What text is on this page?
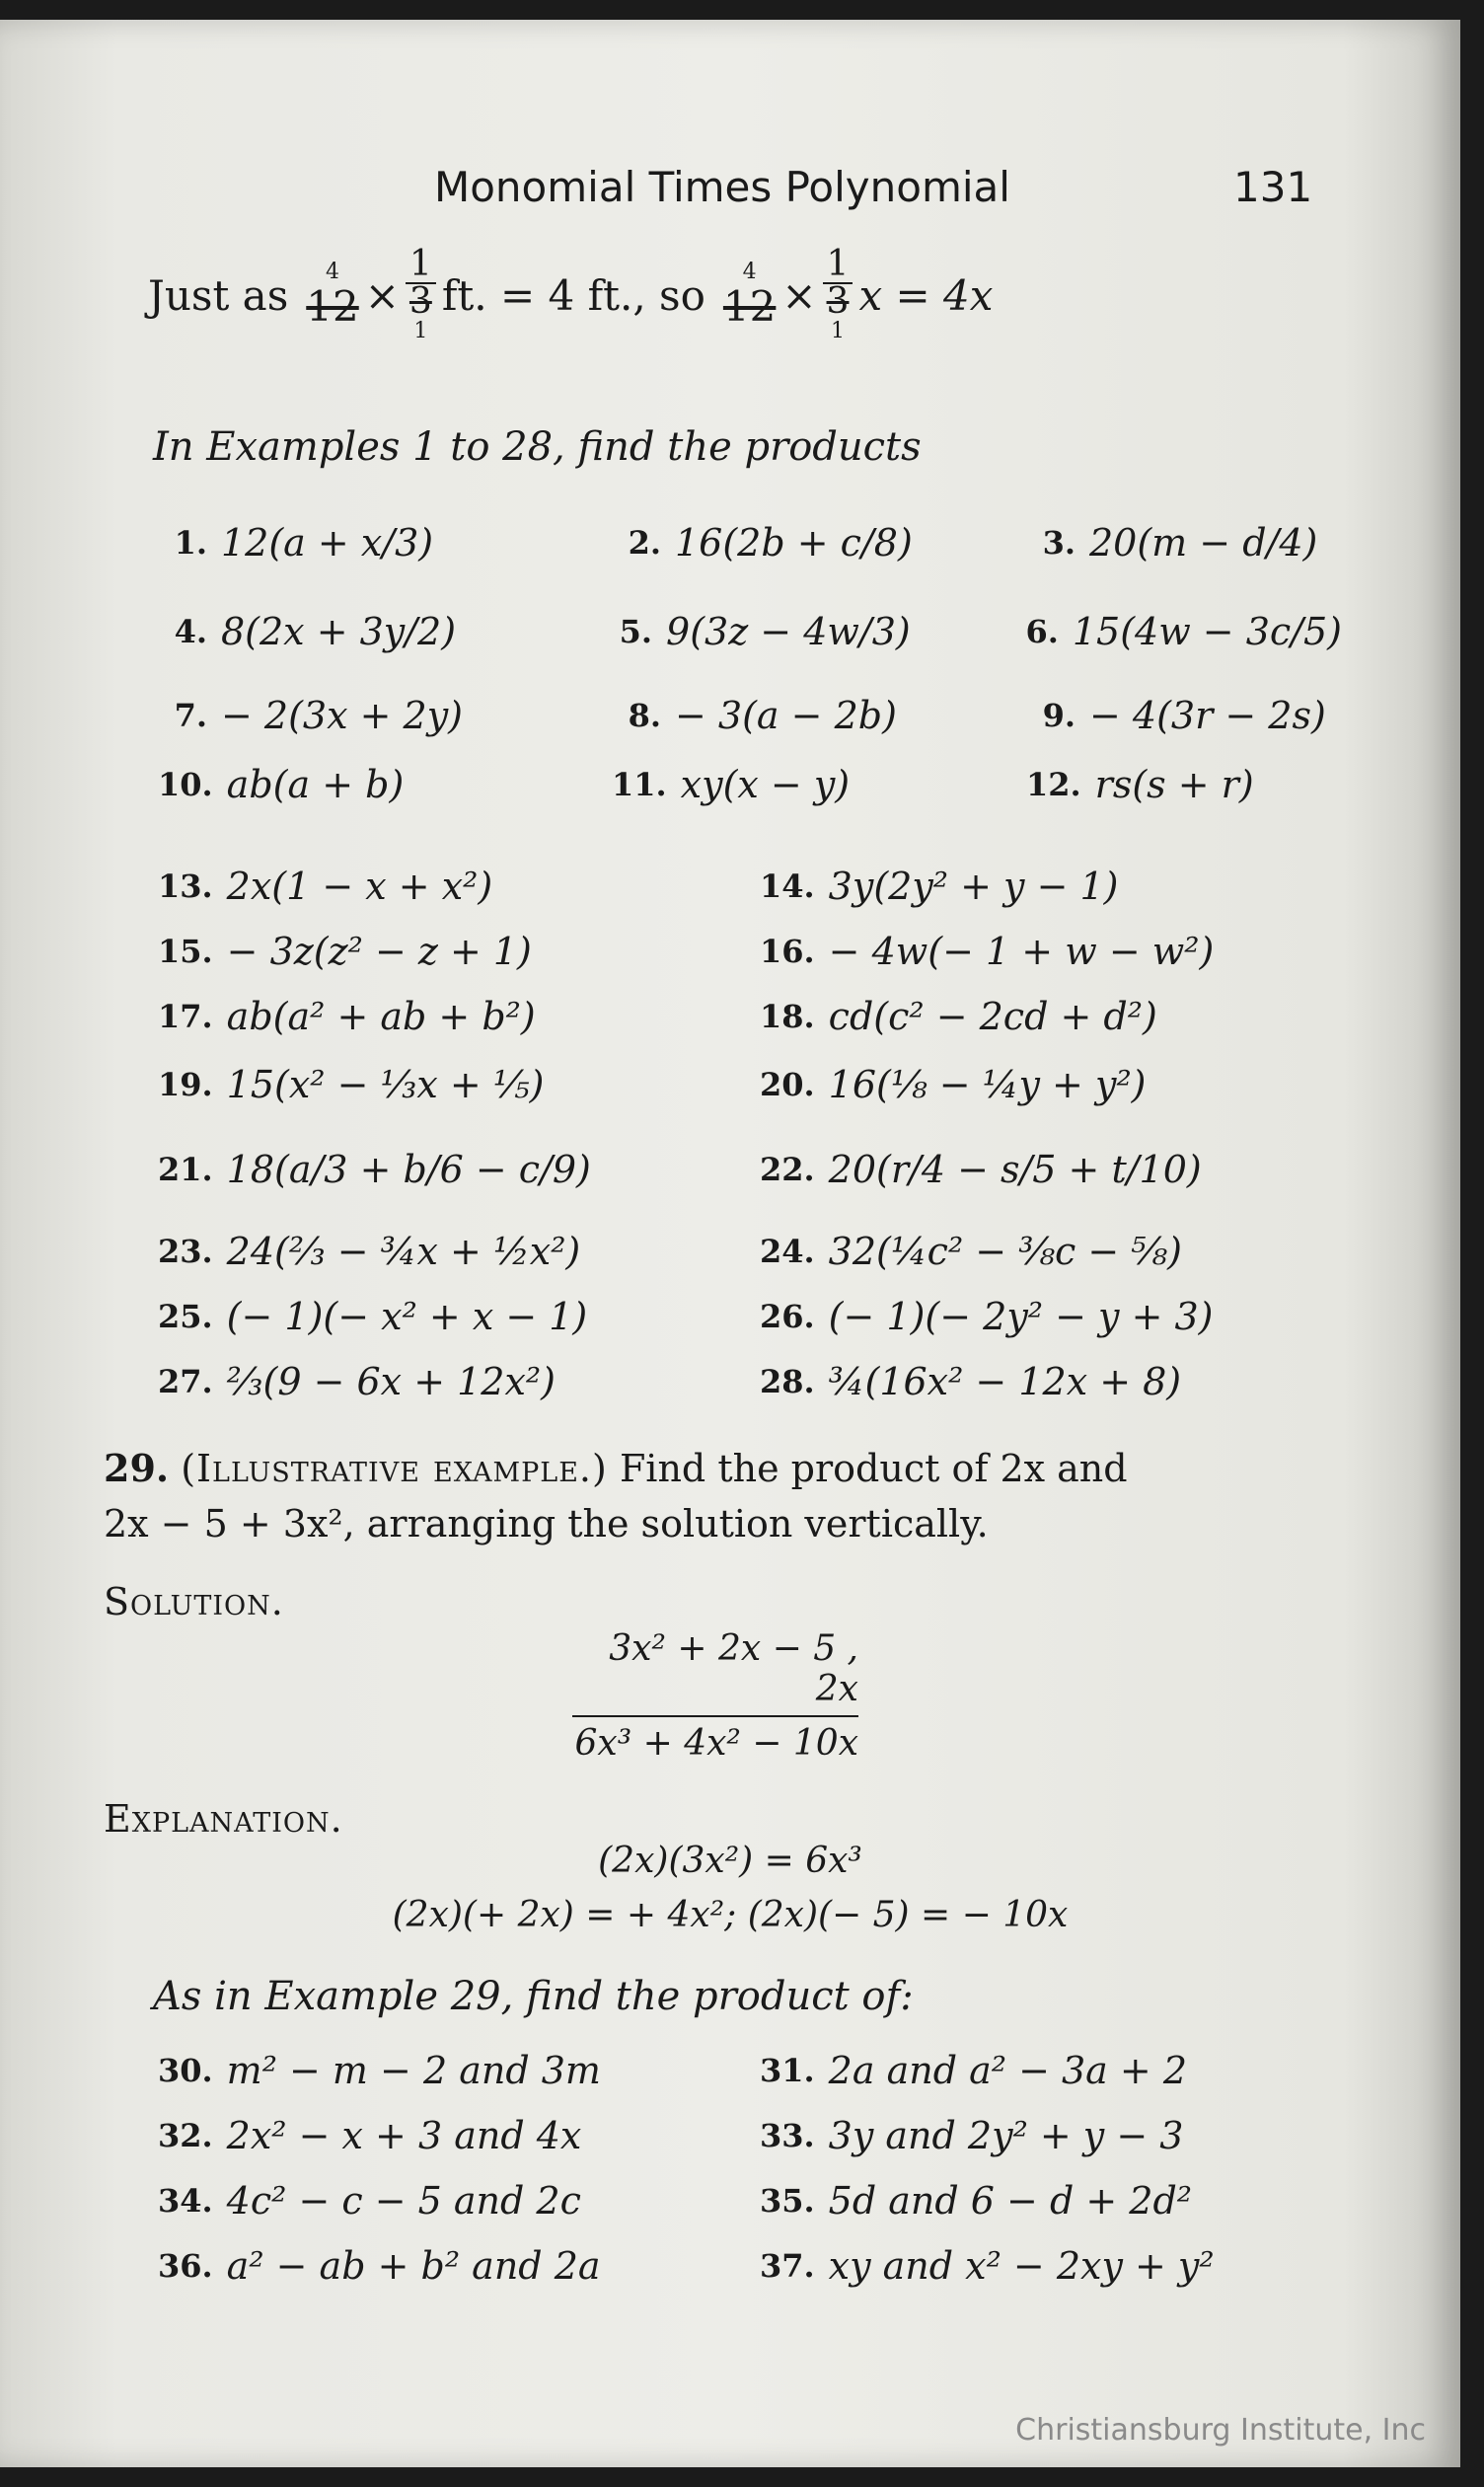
Monomial Times Polynomial	131
Just as 4
$12 \times \frac{1}{3}$
1
ft. = 4 ft., so 4
$12 \times \frac{1}{3}$
1
x = 4x
In Examples 1 to 28, find the products
1. 12(a + x/3)	2. 16(2b + c/8)	3. 20(m − d/4)
4. 8(2x + 3y/2)	5. 9(3z − 4w/3)	6. 15(4w − 3c/5)
7. − 2(3x + 2y)	8. − 3(a − 2b)	9. − 4(3r − 2s)
10. ab(a + b)	11. xy(x − y)	12. rs(s + r)
13. 2x(1 − x + x²)	14. 3y(2y² + y − 1)
15. − 3z(z² − z + 1)	16. − 4w(− 1 + w − w²)
17. ab(a² + ab + b²)	18. cd(c² − 2cd + d²)
19. 15(x² − ⅓x + ⅕)	20. 16(⅛ − ¼y + y²)
21. 18(a/3 + b/6 − c/9)	22. 20(r/4 − s/5 + t/10)
23. 24(⅔ − ¾x + ½x²)	24. 32(¼c² − ⅜c − ⅝)
25. (− 1)(− x² + x − 1)	26. (− 1)(− 2y² − y + 3)
27. ⅔(9 − 6x + 12x²)	28. ¾(16x² − 12x + 8)
29. (Illustrative example.) Find the product of 2x and
2x − 5 + 3x², arranging the solution vertically.
Solution.
3x² + 2x − 5 ,
2x
6x³ + 4x² − 10x
Explanation.
(2x)(3x²) = 6x³
(2x)(+ 2x) = + 4x²; (2x)(− 5) = − 10x
As in Example 29, find the product of:
30. m² − m − 2 and 3m	31. 2a and a² − 3a + 2
32. 2x² − x + 3 and 4x	33. 3y and 2y² + y − 3
34. 4c² − c − 5 and 2c	35. 5d and 6 − d + 2d²
36. a² − ab + b² and 2a	37. xy and x² − 2xy + y²
Christiansburg Institute, Inc
